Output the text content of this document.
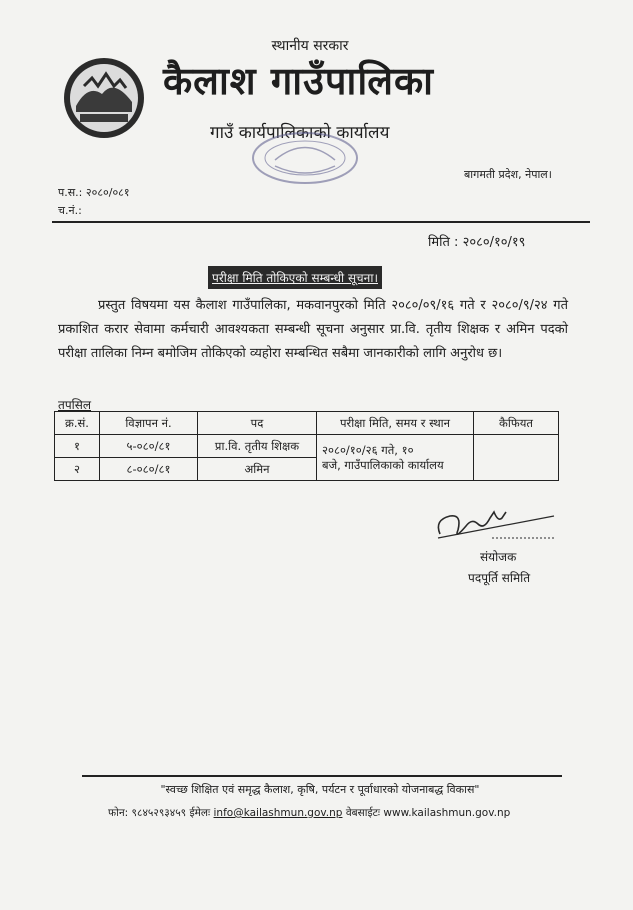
स्थानीय सरकार
कैलाश गाउँपालिका
गाउँ कार्यपालिकाको कार्यालय
बागमती प्रदेश, नेपाल।
प.स.: २०८०/०८१
च.नं.:
मिति : २०८०/१०/१९
परीक्षा मिति तोकिएको सम्बन्धी सूचना।
प्रस्तुत विषयमा यस कैलाश गाउँपालिका, मकवानपुरको मिति २०८०/०९/१६ गते र २०८०/९/२४ गते प्रकाशित करार सेवामा कर्मचारी आवश्यकता सम्बन्धी सूचना अनुसार प्रा.वि. तृतीय शिक्षक र अमिन पदको परीक्षा तालिका निम्न बमोजिम तोकिएको व्यहोरा सम्बन्धित सबैमा जानकारीको लागि अनुरोध छ।
तपसिल
क्र.सं.	विज्ञापन नं.	पद	परीक्षा मिति, समय र स्थान	कैफियत
१	५-०८०/८१	प्रा.वि. तृतीय शिक्षक	२०८०/१०/२६ गते, १०
बजे, गाउँपालिकाको कार्यालय	

२	८-०८०/८१	अमिन		
संयोजक
पदपूर्ति समिति
"स्वच्छ शिक्षित एवं समृद्ध कैलाश, कृषि, पर्यटन र पूर्वाधारको योजनाबद्ध विकास"
फोन: ९८४५२९३४५९ ईमेलः info@kailashmun.gov.np वेबसाईटः www.kailashmun.gov.np
